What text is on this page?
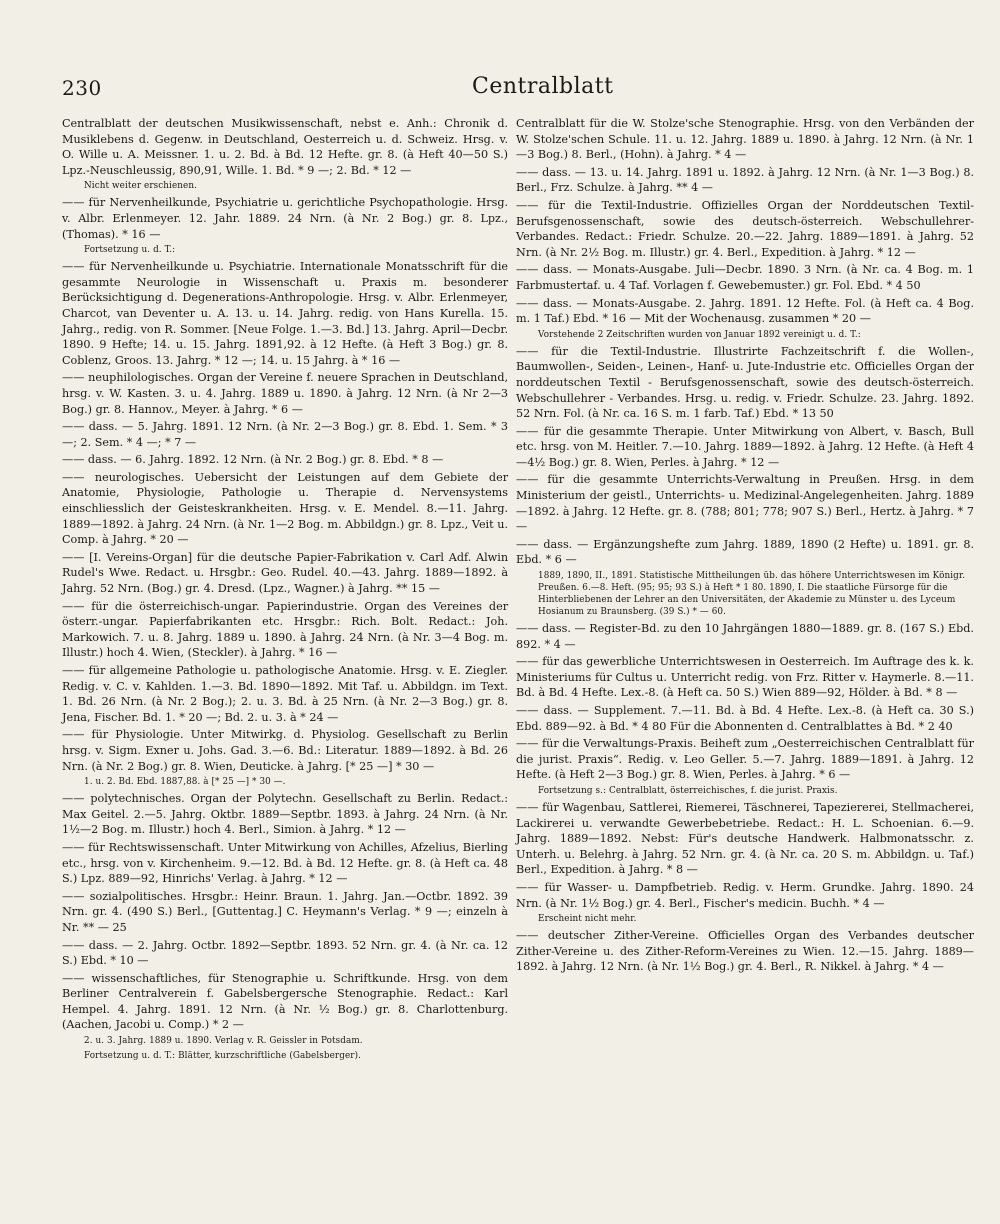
230	Centralblatt
Centralblatt der deutschen Musikwissenschaft, nebst e. Anh.: Chronik d. Musiklebens d. Gegenw. in Deutschland, Oesterreich u. d. Schweiz. Hrsg. v. O. Wille u. A. Meissner. 1. u. 2. Bd. à Bd. 12 Hefte. gr. 8. (à Heft 40—50 S.) Lpz.-Neuschleussig, 890,91, Wille. 1. Bd. * 9 —; 2. Bd. * 12 —
Nicht weiter erschienen.
—— für Nervenheilkunde, Psychiatrie u. gerichtliche Psychopathologie. Hrsg. v. Albr. Erlenmeyer. 12. Jahr. 1889. 24 Nrn. (à Nr. 2 Bog.) gr. 8. Lpz., (Thomas). * 16 —
Fortsetzung u. d. T.:
—— für Nervenheilkunde u. Psychiatrie. Internationale Monatsschrift für die gesammte Neurologie in Wissenschaft u. Praxis m. besonderer Berücksichtigung d. Degenerations-Anthropologie. Hrsg. v. Albr. Erlenmeyer, Charcot, van Deventer u. A. 13. u. 14. Jahrg. redig. von Hans Kurella. 15. Jahrg., redig. von R. Sommer. [Neue Folge. 1.—3. Bd.] 13. Jahrg. April—Decbr. 1890. 9 Hefte; 14. u. 15. Jahrg. 1891,92. à 12 Hefte. (à Heft 3 Bog.) gr. 8. Coblenz, Groos. 13. Jahrg. * 12 —; 14. u. 15 Jahrg. à * 16 —
—— neuphilologisches. Organ der Vereine f. neuere Sprachen in Deutschland, hrsg. v. W. Kasten. 3. u. 4. Jahrg. 1889 u. 1890. à Jahrg. 12 Nrn. (à Nr 2—3 Bog.) gr. 8. Hannov., Meyer. à Jahrg. * 6 —
—— dass. — 5. Jahrg. 1891. 12 Nrn. (à Nr. 2—3 Bog.) gr. 8. Ebd. 1. Sem. * 3 —; 2. Sem. * 4 —; * 7 —
—— dass. — 6. Jahrg. 1892. 12 Nrn. (à Nr. 2 Bog.) gr. 8. Ebd. * 8 —
—— neurologisches. Uebersicht der Leistungen auf dem Gebiete der Anatomie, Physiologie, Pathologie u. Therapie d. Nervensystems einschliesslich der Geisteskrankheiten. Hrsg. v. E. Mendel. 8.—11. Jahrg. 1889—1892. à Jahrg. 24 Nrn. (à Nr. 1—2 Bog. m. Abbildgn.) gr. 8. Lpz., Veit u. Comp. à Jahrg. * 20 —
—— [I. Vereins-Organ] für die deutsche Papier-Fabrikation v. Carl Adf. Alwin Rudel's Wwe. Redact. u. Hrsgbr.: Geo. Rudel. 40.—43. Jahrg. 1889—1892. à Jahrg. 52 Nrn. (Bog.) gr. 4. Dresd. (Lpz., Wagner.) à Jahrg. ** 15 —
—— für die österreichisch-ungar. Papierindustrie. Organ des Vereines der österr.-ungar. Papierfabrikanten etc. Hrsgbr.: Rich. Bolt. Redact.: Joh. Markowich. 7. u. 8. Jahrg. 1889 u. 1890. à Jahrg. 24 Nrn. (à Nr. 3—4 Bog. m. Illustr.) hoch 4. Wien, (Steckler). à Jahrg. * 16 —
—— für allgemeine Pathologie u. pathologische Anatomie. Hrsg. v. E. Ziegler. Redig. v. C. v. Kahlden. 1.—3. Bd. 1890—1892. Mit Taf. u. Abbildgn. im Text. 1. Bd. 26 Nrn. (à Nr. 2 Bog.); 2. u. 3. Bd. à 25 Nrn. (à Nr. 2—3 Bog.) gr. 8. Jena, Fischer. Bd. 1. * 20 —; Bd. 2. u. 3. à * 24 —
—— für Physiologie. Unter Mitwirkg. d. Physiolog. Gesellschaft zu Berlin hrsg. v. Sigm. Exner u. Johs. Gad. 3.—6. Bd.: Literatur. 1889—1892. à Bd. 26 Nrn. (à Nr. 2 Bog.) gr. 8. Wien, Deuticke. à Jahrg. [* 25 —] * 30 —
1. u. 2. Bd. Ebd. 1887,88. à [* 25 —] * 30 —.
—— polytechnisches. Organ der Polytechn. Gesellschaft zu Berlin. Redact.: Max Geitel. 2.—5. Jahrg. Oktbr. 1889—Septbr. 1893. à Jahrg. 24 Nrn. (à Nr. 1½—2 Bog. m. Illustr.) hoch 4. Berl., Simion. à Jahrg. * 12 —
—— für Rechtswissenschaft. Unter Mitwirkung von Achilles, Afzelius, Bierling etc., hrsg. von v. Kirchenheim. 9.—12. Bd. à Bd. 12 Hefte. gr. 8. (à Heft ca. 48 S.) Lpz. 889—92, Hinrichs' Verlag. à Jahrg. * 12 —
—— sozialpolitisches. Hrsgbr.: Heinr. Braun. 1. Jahrg. Jan.—Octbr. 1892. 39 Nrn. gr. 4. (490 S.) Berl., [Guttentag.] C. Heymann's Verlag. * 9 —; einzeln à Nr. ** — 25
—— dass. — 2. Jahrg. Octbr. 1892—Septbr. 1893. 52 Nrn. gr. 4. (à Nr. ca. 12 S.) Ebd. * 10 —
—— wissenschaftliches, für Stenographie u. Schriftkunde. Hrsg. von dem Berliner Centralverein f. Gabelsbergersche Stenographie. Redact.: Karl Hempel. 4. Jahrg. 1891. 12 Nrn. (à Nr. ½ Bog.) gr. 8. Charlottenburg. (Aachen, Jacobi u. Comp.) * 2 —
2. u. 3. Jahrg. 1889 u. 1890. Verlag v. R. Geissler in Potsdam.
Fortsetzung u. d. T.: Blätter, kurzschriftliche (Gabelsberger).
Centralblatt für die W. Stolze'sche Stenographie. Hrsg. von den Verbänden der W. Stolze'schen Schule. 11. u. 12. Jahrg. 1889 u. 1890. à Jahrg. 12 Nrn. (à Nr. 1—3 Bog.) 8. Berl., (Hohn). à Jahrg. * 4 —
—— dass. — 13. u. 14. Jahrg. 1891 u. 1892. à Jahrg. 12 Nrn. (à Nr. 1—3 Bog.) 8. Berl., Frz. Schulze. à Jahrg. ** 4 —
—— für die Textil-Industrie. Offizielles Organ der Norddeutschen Textil-Berufsgenossenschaft, sowie des deutsch-österreich. Webschullehrer-Verbandes. Redact.: Friedr. Schulze. 20.—22. Jahrg. 1889—1891. à Jahrg. 52 Nrn. (à Nr. 2½ Bog. m. Illustr.) gr. 4. Berl., Expedition. à Jahrg. * 12 —
—— dass. — Monats-Ausgabe. Juli—Decbr. 1890. 3 Nrn. (à Nr. ca. 4 Bog. m. 1 Farbmustertaf. u. 4 Taf. Vorlagen f. Gewebemuster.) gr. Fol. Ebd. * 4 50
—— dass. — Monats-Ausgabe. 2. Jahrg. 1891. 12 Hefte. Fol. (à Heft ca. 4 Bog. m. 1 Taf.) Ebd. * 16 — Mit der Wochenausg. zusammen * 20 —
Vorstehende 2 Zeitschriften wurden von Januar 1892 vereinigt u. d. T.:
—— für die Textil-Industrie. Illustrirte Fachzeitschrift f. die Wollen-, Baumwollen-, Seiden-, Leinen-, Hanf- u. Jute-Industrie etc. Officielles Organ der norddeutschen Textil - Berufsgenossenschaft, sowie des deutsch-österreich. Webschullehrer - Verbandes. Hrsg. u. redig. v. Friedr. Schulze. 23. Jahrg. 1892. 52 Nrn. Fol. (à Nr. ca. 16 S. m. 1 farb. Taf.) Ebd. * 13 50
—— für die gesammte Therapie. Unter Mitwirkung von Albert, v. Basch, Bull etc. hrsg. von M. Heitler. 7.—10. Jahrg. 1889—1892. à Jahrg. 12 Hefte. (à Heft 4—4½ Bog.) gr. 8. Wien, Perles. à Jahrg. * 12 —
—— für die gesammte Unterrichts-Verwaltung in Preußen. Hrsg. in dem Ministerium der geistl., Unterrichts- u. Medizinal-Angelegenheiten. Jahrg. 1889—1892. à Jahrg. 12 Hefte. gr. 8. (788; 801; 778; 907 S.) Berl., Hertz. à Jahrg. * 7 —
—— dass. — Ergänzungshefte zum Jahrg. 1889, 1890 (2 Hefte) u. 1891. gr. 8. Ebd. * 6 —
1889, 1890, II., 1891. Statistische Mittheilungen üb. das höhere Unterrichtswesen im Königr. Preußen. 6.—8. Heft. (95; 95; 93 S.) à Heft * 1 80. 1890, I. Die staatliche Fürsorge für die Hinterbliebenen der Lehrer an den Universitäten, der Akademie zu Münster u. des Lyceum Hosianum zu Braunsberg. (39 S.) * — 60.
—— dass. — Register-Bd. zu den 10 Jahrgängen 1880—1889. gr. 8. (167 S.) Ebd. 892. * 4 —
—— für das gewerbliche Unterrichtswesen in Oesterreich. Im Auftrage des k. k. Ministeriums für Cultus u. Unterricht redig. von Frz. Ritter v. Haymerle. 8.—11. Bd. à Bd. 4 Hefte. Lex.-8. (à Heft ca. 50 S.) Wien 889—92, Hölder. à Bd. * 8 —
—— dass. — Supplement. 7.—11. Bd. à Bd. 4 Hefte. Lex.-8. (à Heft ca. 30 S.) Ebd. 889—92. à Bd. * 4 80 Für die Abonnenten d. Centralblattes à Bd. * 2 40
—— für die Verwaltungs-Praxis. Beiheft zum „Oesterreichischen Centralblatt für die jurist. Praxis“. Redig. v. Leo Geller. 5.—7. Jahrg. 1889—1891. à Jahrg. 12 Hefte. (à Heft 2—3 Bog.) gr. 8. Wien, Perles. à Jahrg. * 6 —
Fortsetzung s.: Centralblatt, österreichisches, f. die jurist. Praxis.
—— für Wagenbau, Sattlerei, Riemerei, Täschnerei, Tapeziererei, Stellmacherei, Lackirerei u. verwandte Gewerbebetriebe. Redact.: H. L. Schoenian. 6.—9. Jahrg. 1889—1892. Nebst: Für's deutsche Handwerk. Halbmonatsschr. z. Unterh. u. Belehrg. à Jahrg. 52 Nrn. gr. 4. (à Nr. ca. 20 S. m. Abbildgn. u. Taf.) Berl., Expedition. à Jahrg. * 8 —
—— für Wasser- u. Dampfbetrieb. Redig. v. Herm. Grundke. Jahrg. 1890. 24 Nrn. (à Nr. 1½ Bog.) gr. 4. Berl., Fischer's medicin. Buchh. * 4 —
Erscheint nicht mehr.
—— deutscher Zither-Vereine. Officielles Organ des Verbandes deutscher Zither-Vereine u. des Zither-Reform-Vereines zu Wien. 12.—15. Jahrg. 1889—1892. à Jahrg. 12 Nrn. (à Nr. 1½ Bog.) gr. 4. Berl., R. Nikkel. à Jahrg. * 4 —
